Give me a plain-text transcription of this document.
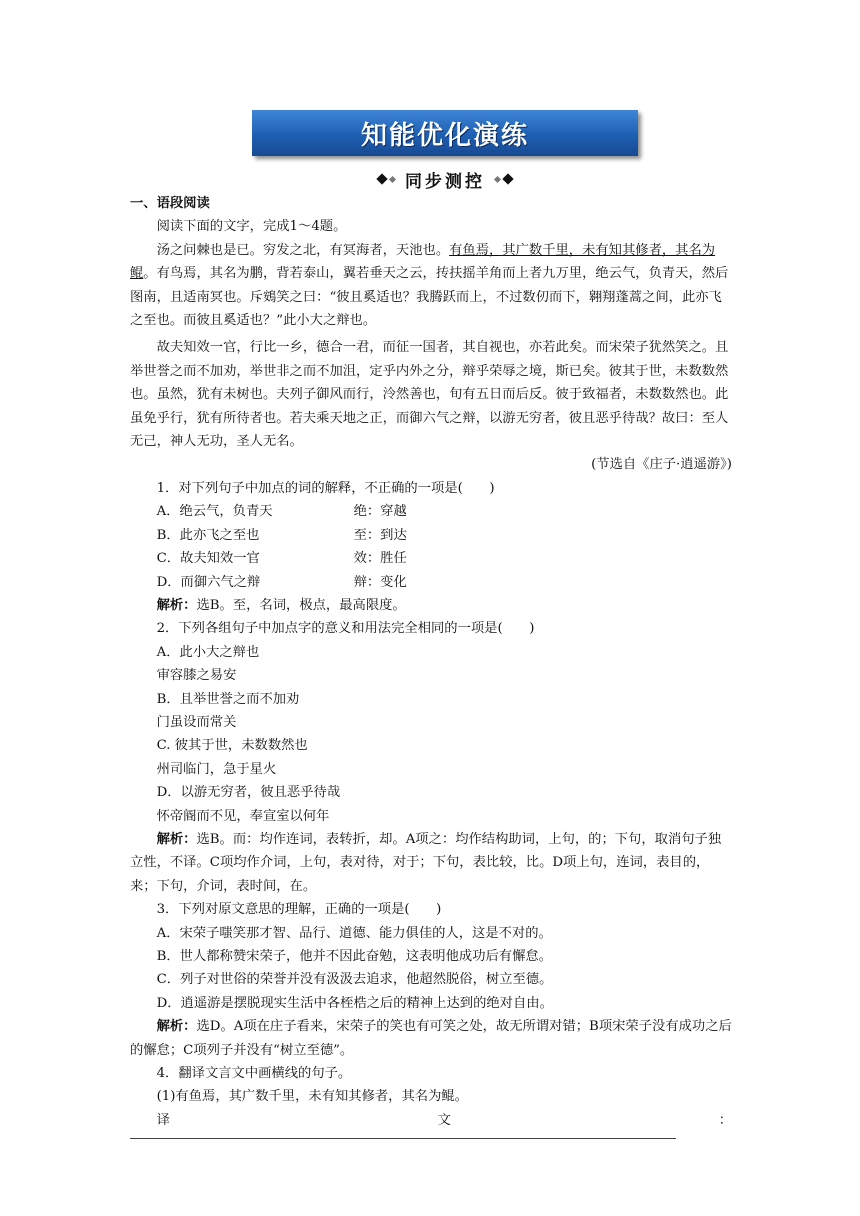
知能优化演练
同步测控

一、语段阅读

阅读下面的文字，完成1～4题。

汤之问棘也是已。穷发之北，有冥海者，天池也。有鱼焉，其广数千里，未有知其修者，其名为鲲。有鸟焉，其名为鹏，背若泰山，翼若垂天之云，抟扶摇羊角而上者九万里，绝云气，负青天，然后图南，且适南冥也。斥鴳笑之曰：“彼且奚适也？我腾跃而上，不过数仞而下，翱翔蓬蒿之间，此亦飞之至也。而彼且奚适也？”此小大之辩也。

故夫知效一官，行比一乡，德合一君，而征一国者，其自视也，亦若此矣。而宋荣子犹然笑之。且举世誉之而不加劝，举世非之而不加沮，定乎内外之分，辩乎荣辱之境，斯已矣。彼其于世，未数数然也。虽然，犹有未树也。夫列子御风而行，泠然善也，旬有五日而后反。彼于致福者，未数数然也。此虽免乎行，犹有所待者也。若夫乘天地之正，而御六气之辩，以游无穷者，彼且恶乎待哉？故曰：至人无己，神人无功，圣人无名。

(节选自《庄子·逍遥游》)

1．对下列句子中加点的词的解释，不正确的一项是(　　)

A．绝云气，负青天	绝：穿越
B．此亦飞之至也	至：到达
C．故夫知效一官	效：胜任
D．而御六气之辩	辩：变化

解析：选B。至，名词，极点，最高限度。

2．下列各组句子中加点字的意义和用法完全相同的一项是(　　)

A．此小大之辩也

审容膝之易安

B．且举世誉之而不加劝

门虽设而常关

C. 彼其于世，未数数然也

州司临门，急于星火

D．以游无穷者，彼且恶乎待哉

怀帝阍而不见，奉宣室以何年

解析：选B。而：均作连词，表转折，却。A项之：均作结构助词，上句，的；下句，取消句子独立性，不译。C项均作介词，上句，表对待，对于；下句，表比较，比。D项上句，连词，表目的，来；下句，介词，表时间，在。

3．下列对原文意思的理解，正确的一项是(　　)

A．宋荣子嗤笑那才智、品行、道德、能力俱佳的人，这是不对的。

B．世人都称赞宋荣子，他并不因此奋勉，这表明他成功后有懈怠。

C．列子对世俗的荣誉并没有汲汲去追求，他超然脱俗，树立至德。

D．逍遥游是摆脱现实生活中各桎梏之后的精神上达到的绝对自由。

解析：选D。A项在庄子看来，宋荣子的笑也有可笑之处，故无所谓对错；B项宋荣子没有成功之后的懈怠；C项列子并没有“树立至德”。

4．翻译文言文中画横线的句子。

(1)有鱼焉，其广数千里，未有知其修者，其名为鲲。

译	文	：
